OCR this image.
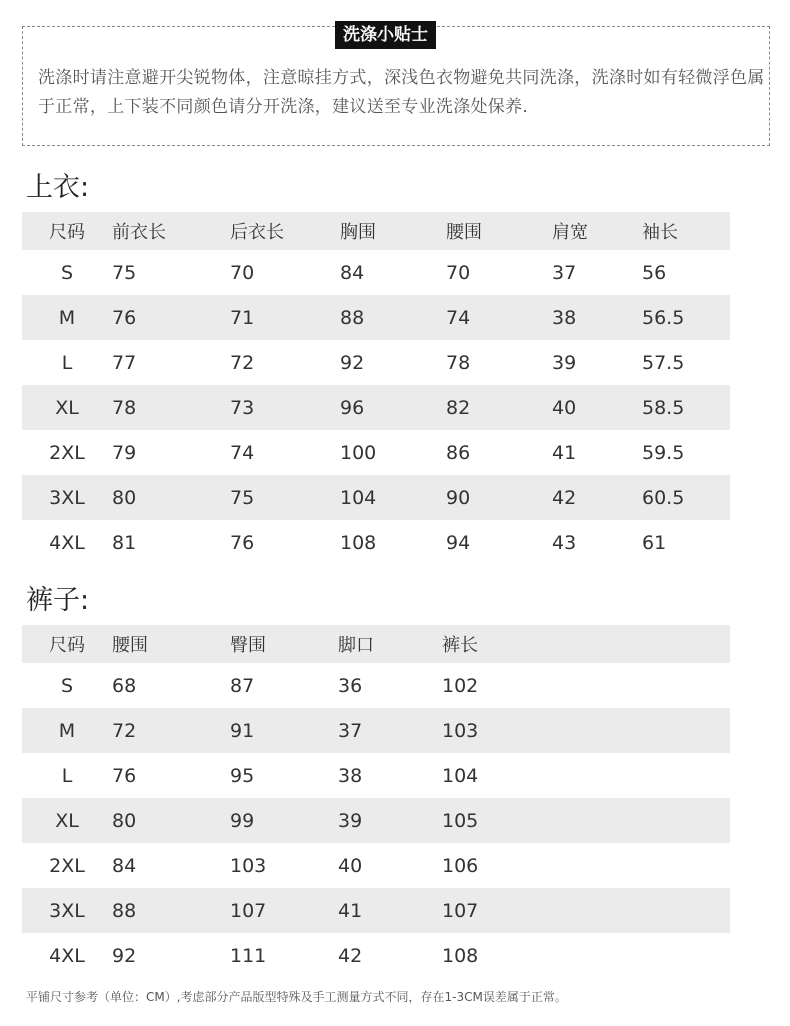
洗涤小贴士
洗涤时请注意避开尖锐物体，注意晾挂方式，深浅色衣物避免共同洗涤，洗涤时如有轻微浮色属于正常，上下装不同颜色请分开洗涤，建议送至专业洗涤处保养.
上衣:
尺码	前衣长	后衣长	胸围	腰围	肩宽	袖长
S	75	70	84	70	37	56
M	76	71	88	74	38	56.5
L	77	72	92	78	39	57.5
XL	78	73	96	82	40	58.5
2XL	79	74	100	86	41	59.5
3XL	80	75	104	90	42	60.5
4XL	81	76	108	94	43	61
裤子:
尺码	腰围	臀围	脚口	裤长
S	68	87	36	102
M	72	91	37	103
L	76	95	38	104
XL	80	99	39	105
2XL	84	103	40	106
3XL	88	107	41	107
4XL	92	111	42	108
平铺尺寸参考（单位：CM）,考虑部分产品版型特殊及手工测量方式不同，存在1-3CM误差属于正常。
